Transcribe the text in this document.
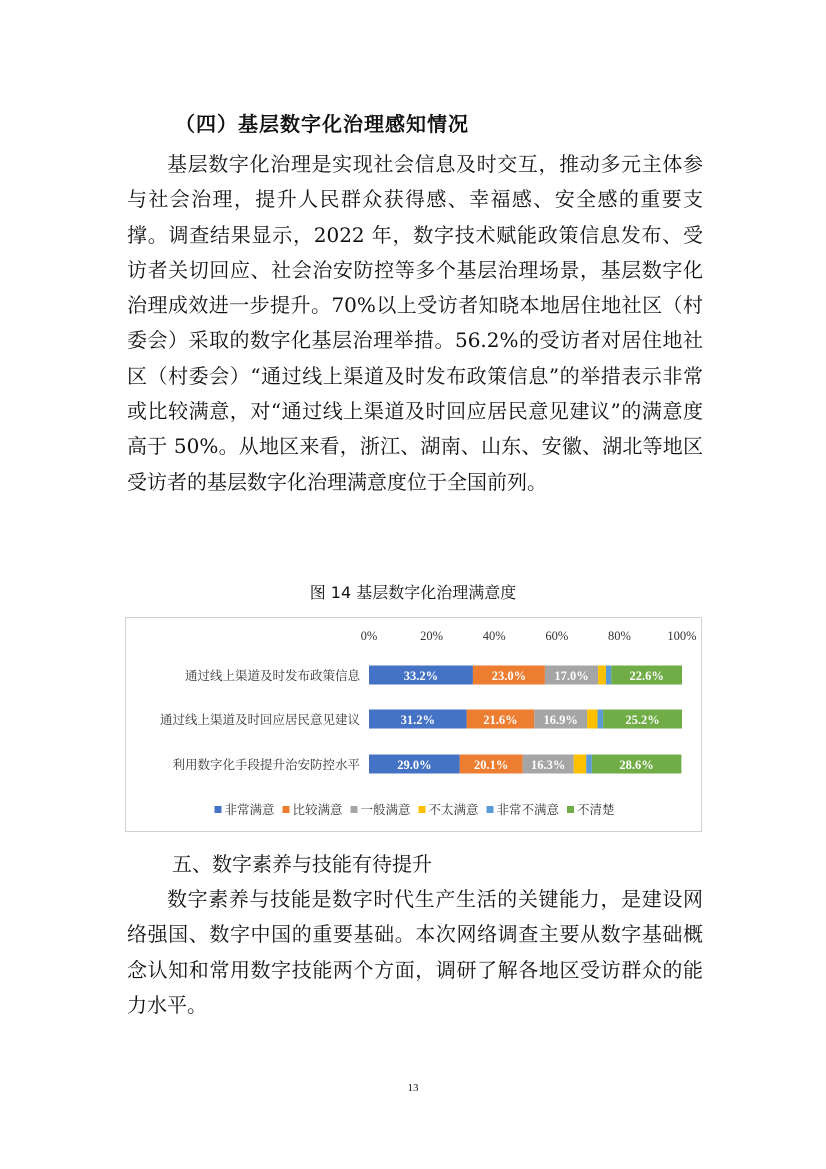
（四）基层数字化治理感知情况

基层数字化治理是实现社会信息及时交互，推动多元主体参与社会治理，提升人民群众获得感、幸福感、安全感的重要支撑。调查结果显示，2022 年，数字技术赋能政策信息发布、受访者关切回应、社会治安防控等多个基层治理场景，基层数字化治理成效进一步提升。70%以上受访者知晓本地居住地社区（村委会）采取的数字化基层治理举措。56.2%的受访者对居住地社区（村委会）“通过线上渠道及时发布政策信息”的举措表示非常或比较满意，对“通过线上渠道及时回应居民意见建议”的满意度高于 50%。从地区来看，浙江、湖南、山东、安徽、湖北等地区受访者的基层数字化治理满意度位于全国前列。

图 14 基层数字化治理满意度
0%	20%	40%	60%	80%	100%
通过线上渠道及时发布政策信息	33.2%	23.0% 17.0%	22.6%
通过线上渠道及时回应居民意见建议	31.2%	21.6% 16.9%	25.2%
利用数字化手段提升治安防控水平	29.0%	20.1% 16.3%	28.6%
非常满意 比较满意 一般满意 不太满意 非常不满意 不清楚
五、数字素养与技能有待提升

数字素养与技能是数字时代生产生活的关键能力，是建设网络强国、数字中国的重要基础。本次网络调查主要从数字基础概念认知和常用数字技能两个方面，调研了解各地区受访群众的能力水平。

13
